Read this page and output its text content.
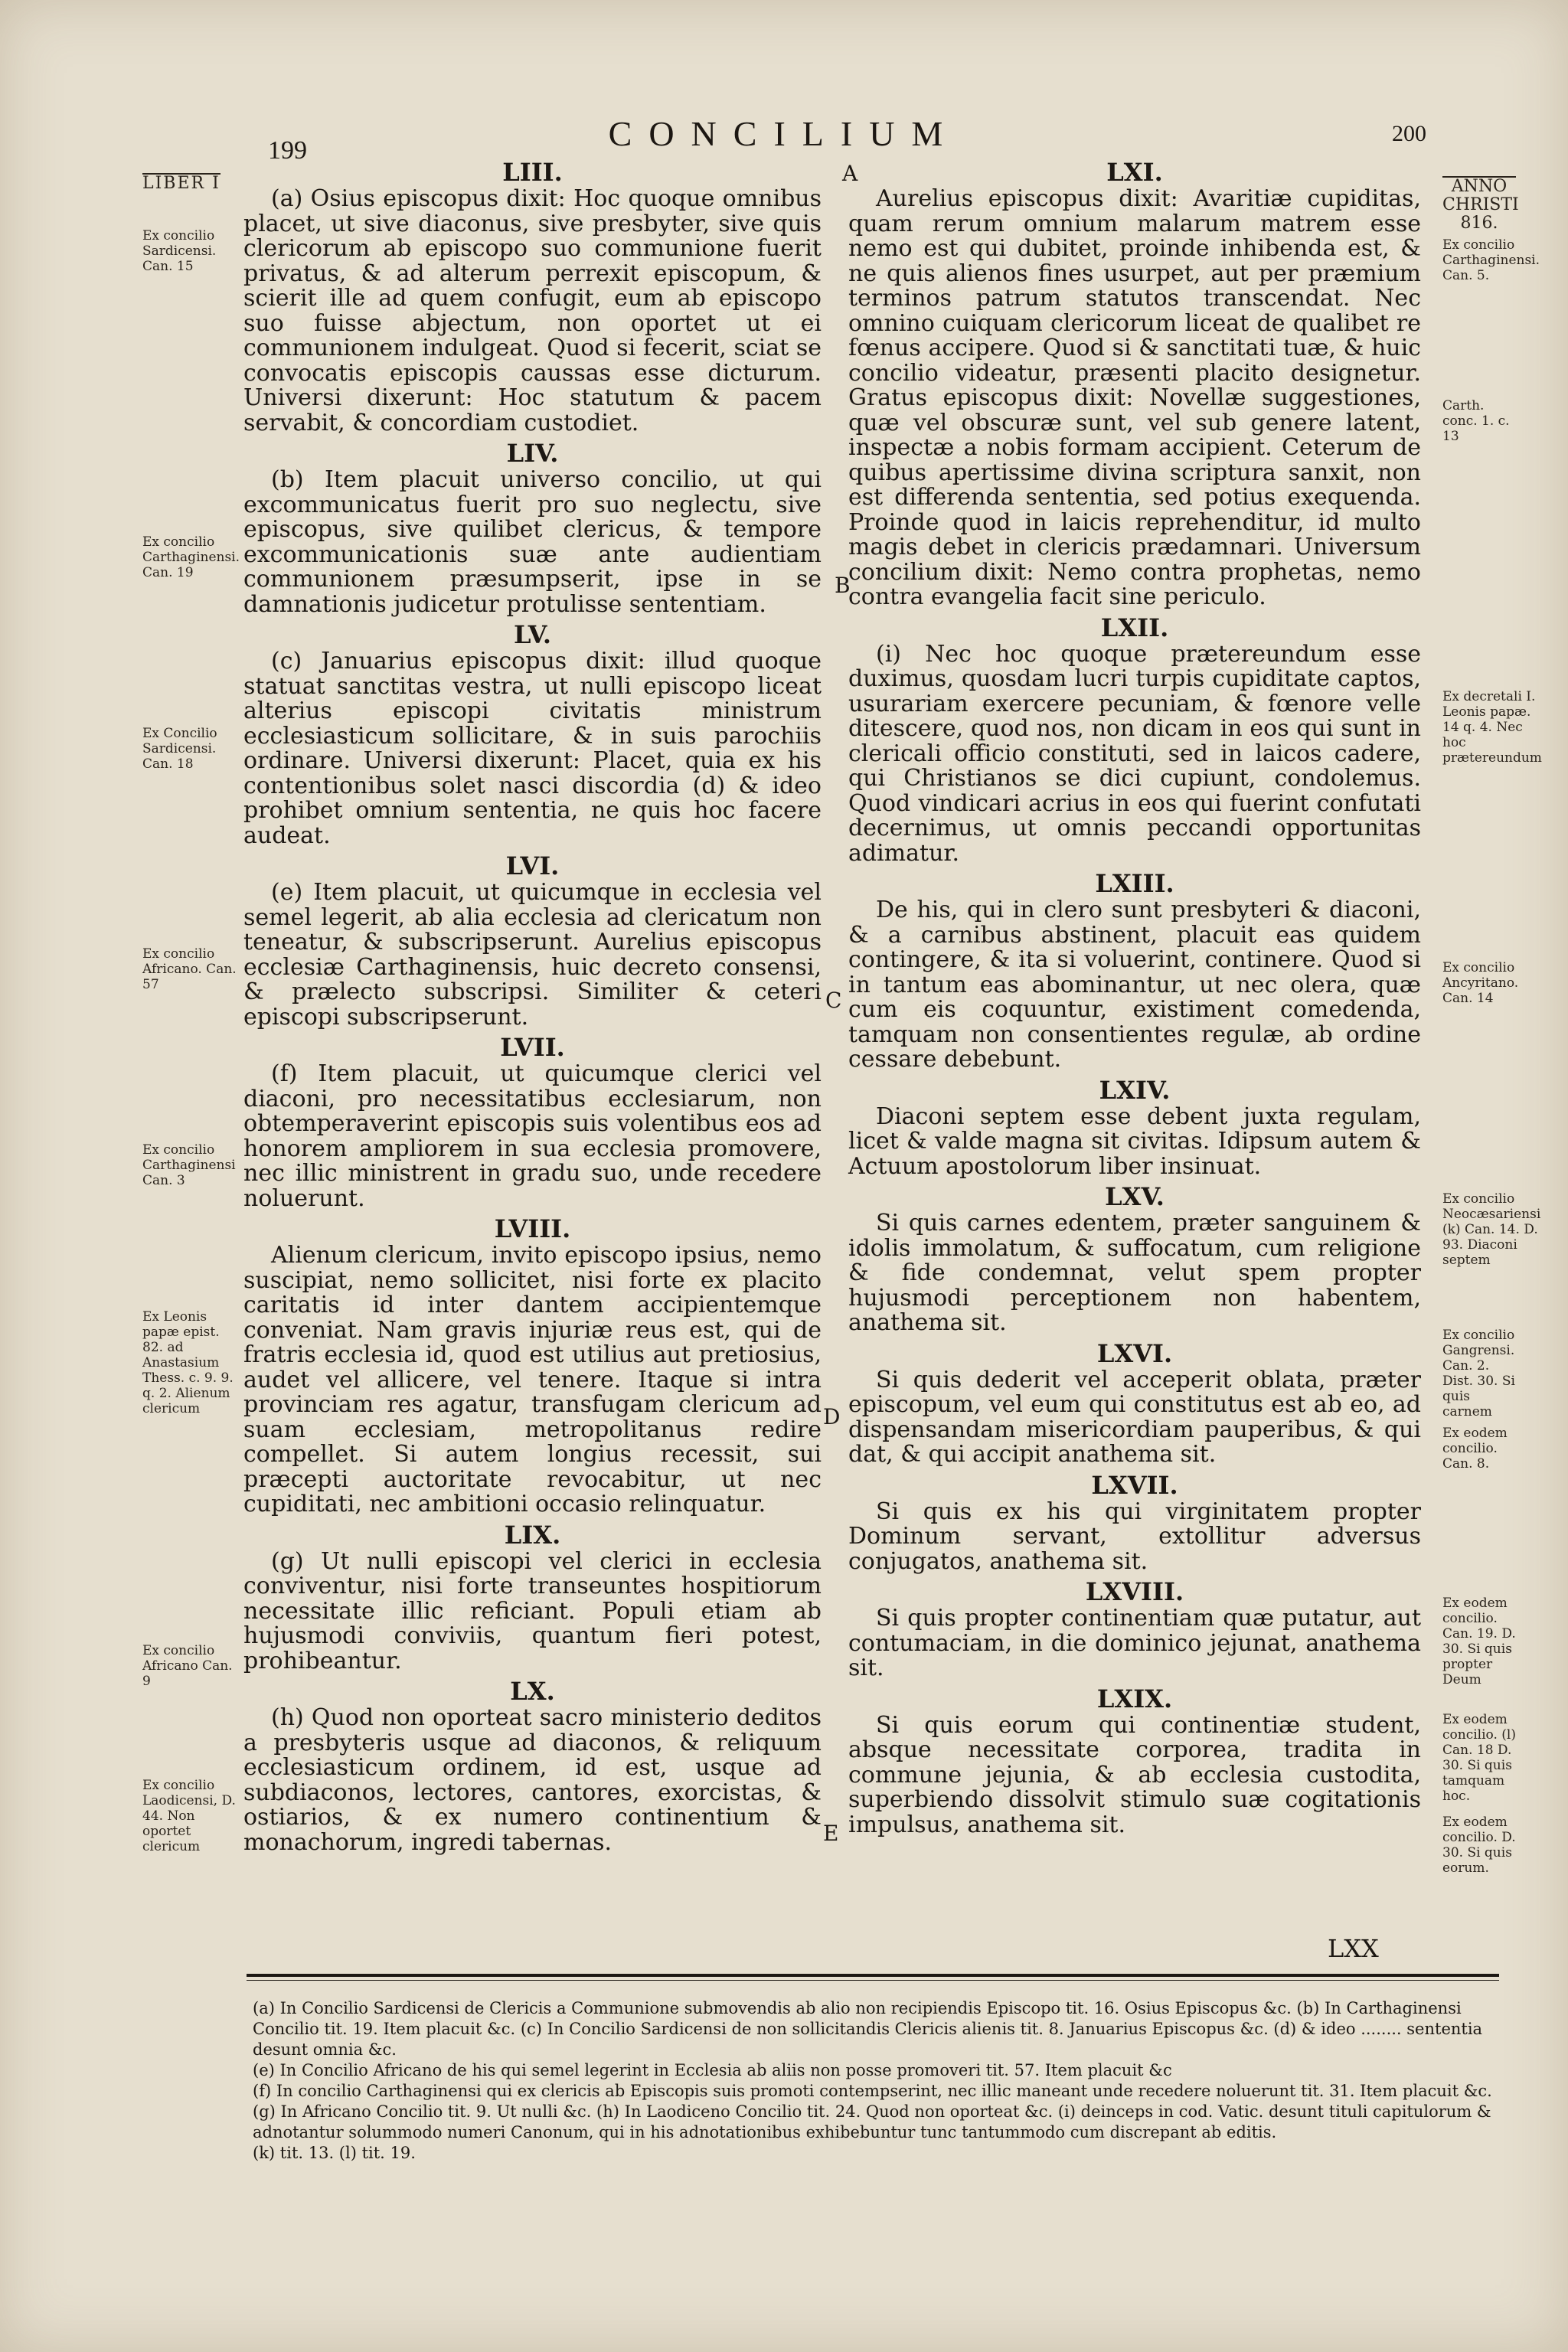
199	CONCILIUM	200
A
B
C
D
E
LIBER I

Ex concilio Sardicensi. Can. 15

Ex concilio Carthaginensi. Can. 19

Ex Concilio Sardicensi. Can. 18

Ex concilio Africano. Can. 57

Ex concilio Carthaginensi Can. 3

Ex Leonis papæ epist. 82. ad Anastasium Thess. c. 9. 9. q. 2. Alienum clericum

Ex concilio Africano Can. 9

Ex concilio Laodicensi, D. 44. Non oportet clericum

ANNO CHRISTI 816.

Ex concilio Carthaginensi. Can. 5.

Carth. conc. 1. c. 13

Ex decretali I. Leonis papæ. 14 q. 4. Nec hoc prætereundum

Ex concilio Ancyritano. Can. 14

Ex concilio Neocæsariensi (k) Can. 14. D. 93. Diaconi septem

Ex concilio Gangrensi. Can. 2. Dist. 30. Si quis carnem

Ex eodem concilio. Can. 8.

Ex eodem concilio. Can. 19. D. 30. Si quis propter Deum

Ex eodem concilio. (l) Can. 18 D. 30. Si quis tamquam hoc.

Ex eodem concilio. D. 30. Si quis eorum.

LIII.

(a) Osius episcopus dixit: Hoc quoque omnibus placet, ut sive diaconus, sive presbyter, sive quis clericorum ab episcopo suo communione fuerit privatus, & ad alterum perrexit episcopum, & scierit ille ad quem confugit, eum ab episcopo suo fuisse abjectum, non oportet ut ei communionem indulgeat. Quod si fecerit, sciat se convocatis episcopis caussas esse dicturum. Universi dixerunt: Hoc statutum & pacem servabit, & concordiam custodiet.

LIV.

(b) Item placuit universo concilio, ut qui excommunicatus fuerit pro suo neglectu, sive episcopus, sive quilibet clericus, & tempore excommunicationis suæ ante audientiam communionem præsumpserit, ipse in se damnationis judicetur protulisse sententiam.

LV.

(c) Januarius episcopus dixit: illud quoque statuat sanctitas vestra, ut nulli episcopo liceat alterius episcopi civitatis ministrum ecclesiasticum sollicitare, & in suis parochiis ordinare. Universi dixerunt: Placet, quia ex his contentionibus solet nasci discordia (d) & ideo prohibet omnium sententia, ne quis hoc facere audeat.

LVI.

(e) Item placuit, ut quicumque in ecclesia vel semel legerit, ab alia ecclesia ad clericatum non teneatur, & subscripserunt. Aurelius episcopus ecclesiæ Carthaginensis, huic decreto consensi, & prælecto subscripsi. Similiter & ceteri episcopi subscripserunt.

LVII.

(f) Item placuit, ut quicumque clerici vel diaconi, pro necessitatibus ecclesiarum, non obtemperaverint episcopis suis volentibus eos ad honorem ampliorem in sua ecclesia promovere, nec illic ministrent in gradu suo, unde recedere noluerunt.

LVIII.

Alienum clericum, invito episcopo ipsius, nemo suscipiat, nemo sollicitet, nisi forte ex placito caritatis id inter dantem accipientemque conveniat. Nam gravis injuriæ reus est, qui de fratris ecclesia id, quod est utilius aut pretiosius, audet vel allicere, vel tenere. Itaque si intra provinciam res agatur, transfugam clericum ad suam ecclesiam, metropolitanus redire compellet. Si autem longius recessit, sui præcepti auctoritate revocabitur, ut nec cupiditati, nec ambitioni occasio relinquatur.

LIX.

(g) Ut nulli episcopi vel clerici in ecclesia conviventur, nisi forte transeuntes hospitiorum necessitate illic reficiant. Populi etiam ab hujusmodi conviviis, quantum fieri potest, prohibeantur.

LX.

(h) Quod non oporteat sacro ministerio deditos a presbyteris usque ad diaconos, & reliquum ecclesiasticum ordinem, id est, usque ad subdiaconos, lectores, cantores, exorcistas, & ostiarios, & ex numero continentium & monachorum, ingredi tabernas.

LXI.

Aurelius episcopus dixit: Avaritiæ cupiditas, quam rerum omnium malarum matrem esse nemo est qui dubitet, proinde inhibenda est, & ne quis alienos fines usurpet, aut per præmium terminos patrum statutos transcendat. Nec omnino cuiquam clericorum liceat de qualibet re fœnus accipere. Quod si & sanctitati tuæ, & huic concilio videatur, præsenti placito designetur. Gratus episcopus dixit: Novellæ suggestiones, quæ vel obscuræ sunt, vel sub genere latent, inspectæ a nobis formam accipient. Ceterum de quibus apertissime divina scriptura sanxit, non est differenda sententia, sed potius exequenda. Proinde quod in laicis reprehenditur, id multo magis debet in clericis prædamnari. Universum concilium dixit: Nemo contra prophetas, nemo contra evangelia facit sine periculo.

LXII.

(i) Nec hoc quoque prætereundum esse duximus, quosdam lucri turpis cupiditate captos, usurariam exercere pecuniam, & fœnore velle ditescere, quod nos, non dicam in eos qui sunt in clericali officio constituti, sed in laicos cadere, qui Christianos se dici cupiunt, condolemus. Quod vindicari acrius in eos qui fuerint confutati decernimus, ut omnis peccandi opportunitas adimatur.

LXIII.

De his, qui in clero sunt presbyteri & diaconi, & a carnibus abstinent, placuit eas quidem contingere, & ita si voluerint, continere. Quod si in tantum eas abominantur, ut nec olera, quæ cum eis coquuntur, existiment comedenda, tamquam non consentientes regulæ, ab ordine cessare debebunt.

LXIV.

Diaconi septem esse debent juxta regulam, licet & valde magna sit civitas. Idipsum autem & Actuum apostolorum liber insinuat.

LXV.

Si quis carnes edentem, præter sanguinem & idolis immolatum, & suffocatum, cum religione & fide condemnat, velut spem propter hujusmodi perceptionem non habentem, anathema sit.

LXVI.

Si quis dederit vel acceperit oblata, præter episcopum, vel eum qui constitutus est ab eo, ad dispensandam misericordiam pauperibus, & qui dat, & qui accipit anathema sit.

LXVII.

Si quis ex his qui virginitatem propter Dominum servant, extollitur adversus conjugatos, anathema sit.

LXVIII.

Si quis propter continentiam quæ putatur, aut contumaciam, in die dominico jejunat, anathema sit.

LXIX.

Si quis eorum qui continentiæ student, absque necessitate corporea, tradita in commune jejunia, & ab ecclesia custodita, superbiendo dissolvit stimulo suæ cogitationis impulsus, anathema sit.

LXX

(a) In Concilio Sardicensi de Clericis a Communione submovendis ab alio non recipiendis Episcopo tit. 16. Osius Episcopus &c. (b) In Carthaginensi Concilio tit. 19. Item placuit &c. (c) In Concilio Sardicensi de non sollicitandis Clericis alienis tit. 8. Januarius Episcopus &c. (d) & ideo ........ sententia desunt omnia &c.

(e) In Concilio Africano de his qui semel legerint in Ecclesia ab aliis non posse promoveri tit. 57. Item placuit &c

(f) In concilio Carthaginensi qui ex clericis ab Episcopis suis promoti contempserint, nec illic maneant unde recedere noluerunt tit. 31. Item placuit &c. (g) In Africano Concilio tit. 9. Ut nulli &c. (h) In Laodiceno Concilio tit. 24. Quod non oporteat &c. (i) deinceps in cod. Vatic. desunt tituli capitulorum & adnotantur solummodo numeri Canonum, qui in his adnotationibus exhibebuntur tunc tantummodo cum discrepant ab editis.

(k) tit. 13. (l) tit. 19.
